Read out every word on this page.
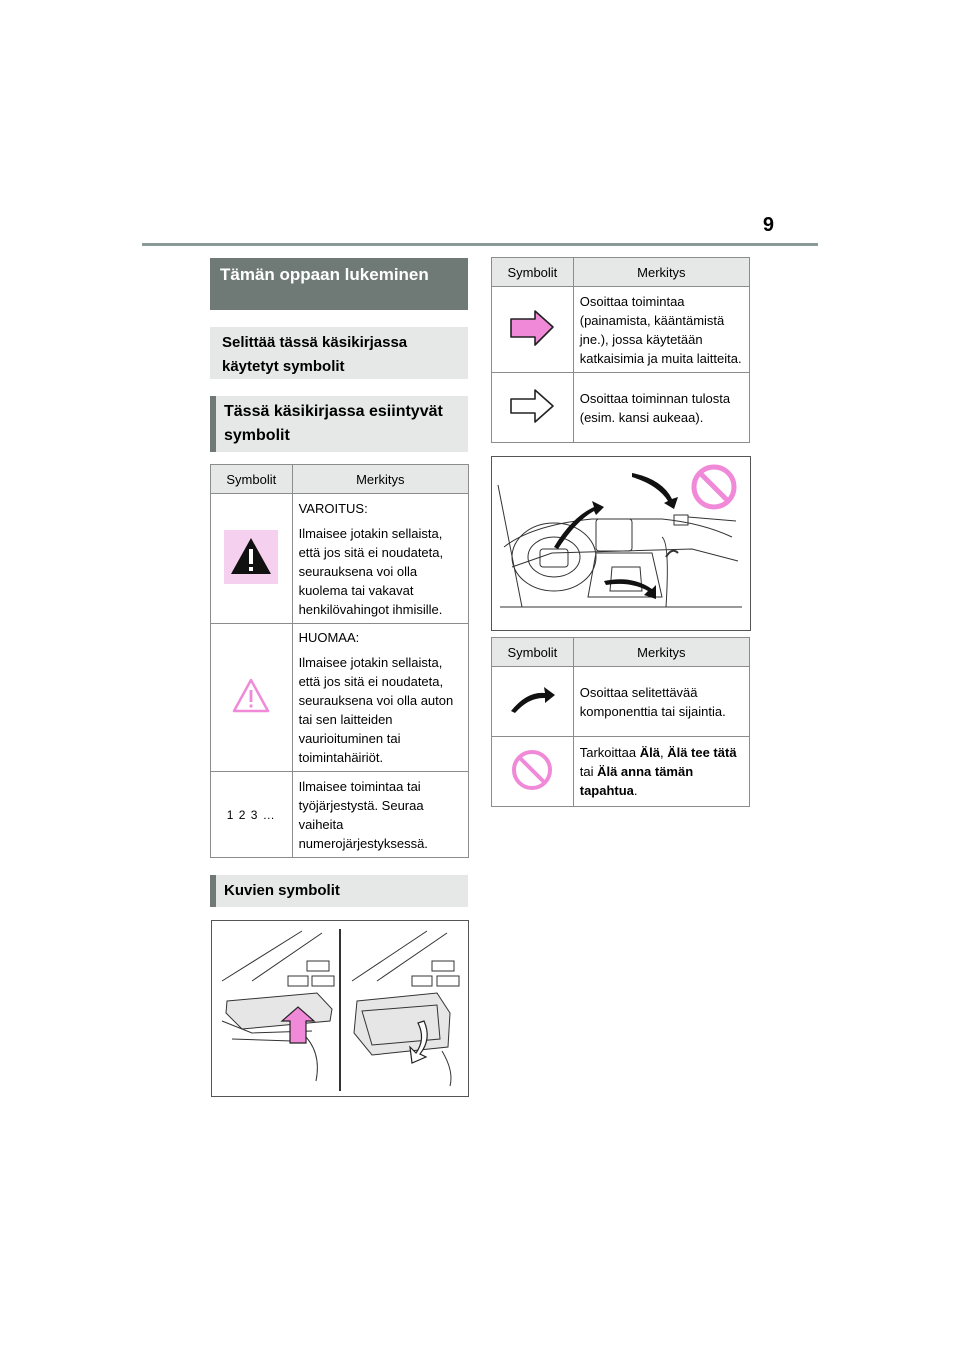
9
Tämän oppaan lukeminen
Selittää tässä käsikirjassa käytetyt symbolit
Tässä käsikirjassa esiintyvät symbolit
Symbolit	Merkitys

VAROITUS:
Ilmaisee jotakin sellaista, että jos sitä ei noudateta, seurauksena voi olla kuolema tai vakavat henkilövahingot ihmisille.

HUOMAA:
Ilmaisee jotakin sellaista, että jos sitä ei noudateta, seurauksena voi olla auton tai sen laitteiden vaurioituminen tai toimintahäiriöt.

1 2 3 …	Ilmaisee toimintaa tai työjärjestystä. Seuraa vaiheita numerojärjestyksessä.
Kuvien symbolit
Symbolit	Merkitys
	Osoittaa toimintaa (painamista, kääntämistä jne.), jossa käytetään katkaisimia ja muita laitteita.
	Osoittaa toiminnan tulosta (esim. kansi aukeaa).
Symbolit	Merkitys
	Osoittaa selitettävää komponenttia tai sijaintia.
	Tarkoittaa Älä, Älä tee tätä tai Älä anna tämän tapahtua.
